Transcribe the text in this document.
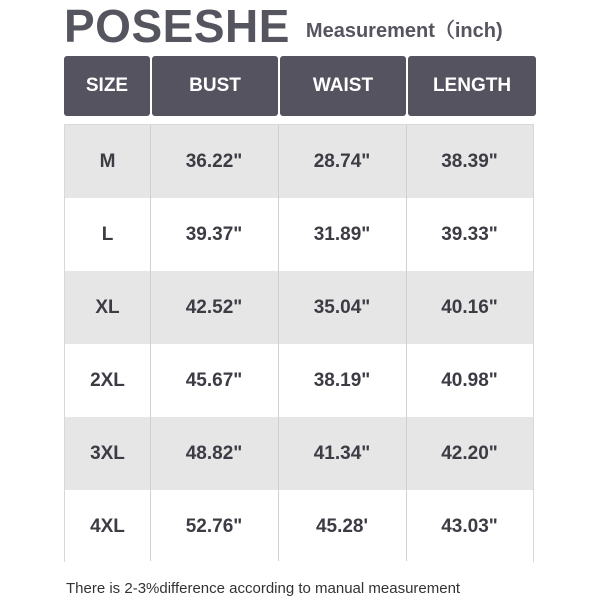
POSESHE Measurement（inch)
SIZE	BUST	WAIST	LENGTH
M	36.22"	28.74"	38.39"
L	39.37"	31.89"	39.33"
XL	42.52"	35.04"	40.16"
2XL	45.67"	38.19"	40.98"
3XL	48.82"	41.34"	42.20"
4XL	52.76"	45.28'	43.03"
There is 2-3%difference according to manual measurement
